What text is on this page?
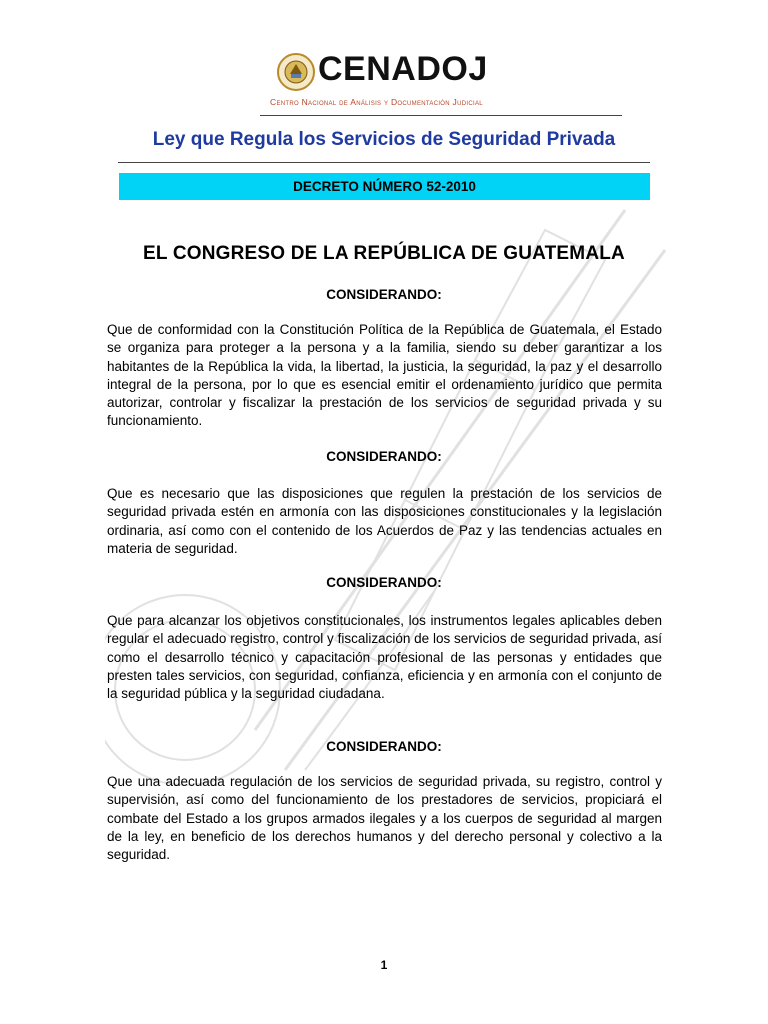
CENADOJ
Centro Nacional de Análisis y Documentación Judicial
Ley que Regula los Servicios de Seguridad Privada
DECRETO NÚMERO 52-2010
EL CONGRESO DE LA REPÚBLICA DE GUATEMALA
CONSIDERANDO:
Que de conformidad con la Constitución Política de la República de Guatemala, el Estado se organiza para proteger a la persona y a la familia, siendo su deber garantizar a los habitantes de la República la vida, la libertad, la justicia, la seguridad, la paz y el desarrollo integral de la persona, por lo que es esencial emitir el ordenamiento jurídico que permita autorizar, controlar y fiscalizar la prestación de los servicios de seguridad privada y su funcionamiento.
CONSIDERANDO:
Que es necesario que las disposiciones que regulen la prestación de los servicios de seguridad privada estén en armonía con las disposiciones constitucionales y la legislación ordinaria, así como con el contenido de los Acuerdos de Paz y las tendencias actuales en materia de seguridad.
CONSIDERANDO:
Que para alcanzar los objetivos constitucionales, los instrumentos legales aplicables deben regular el adecuado registro, control y fiscalización de los servicios de seguridad privada, así como el desarrollo técnico y capacitación profesional de las personas y entidades que presten tales servicios, con seguridad, confianza, eficiencia y en armonía con el conjunto de la seguridad pública y la seguridad ciudadana.
CONSIDERANDO:
Que una adecuada regulación de los servicios de seguridad privada, su registro, control y supervisión, así como del funcionamiento de los prestadores de servicios, propiciará el combate del Estado a los grupos armados ilegales y a los cuerpos de seguridad al margen de la ley, en beneficio de los derechos humanos y del derecho personal y colectivo a la seguridad.
1
